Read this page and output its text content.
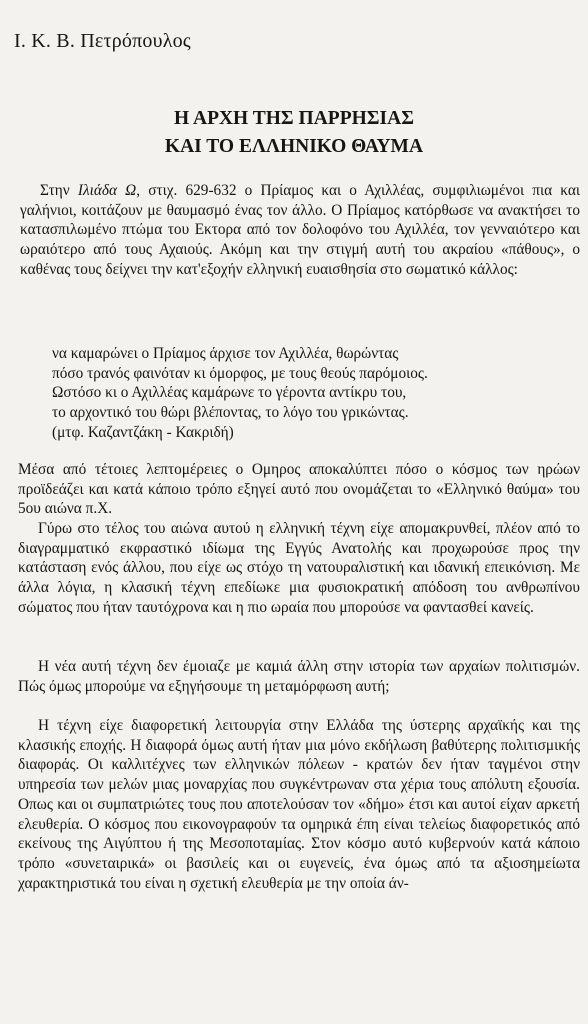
Ι. Κ. Β. Πετρόπουλος
Η ΑΡΧΗ ΤΗΣ ΠΑΡΡΗΣΙΑΣ
ΚΑΙ ΤΟ ΕΛΛΗΝΙΚΟ ΘΑΥΜΑ

Στην Ιλιάδα Ω, στιχ. 629-632 ο Πρίαμος και ο Αχιλλέας, συμφιλιωμένοι πια και γαλήνιοι, κοιτάζουν με θαυμασμό ένας τον άλλο. Ο Πρίαμος κατόρθωσε να ανακτήσει το κατασπιλωμένο πτώμα του Εκτορα από τον δολοφόνο του Αχιλλέα, τον γενναιότερο και ωραιότερο από τους Αχαιούς. Ακόμη και την στιγμή αυτή του ακραίου «πάθους», ο καθένας τους δείχνει την κατ'εξοχήν ελληνική ευαισθησία στο σωματικό κάλλος:

να καμαρώνει ο Πρίαμος άρχισε τον Αχιλλέα, θωρώντας
πόσο τρανός φαινόταν κι όμορφος, με τους θεούς παρόμοιος.
Ωστόσο κι ο Αχιλλέας καμάρωνε το γέροντα αντίκρυ του,
το αρχοντικό του θώρι βλέποντας, το λόγο του γρικώντας.
(μτφ. Καζαντζάκη - Κακριδή)

Μέσα από τέτοιες λεπτομέρειες ο Ομηρος αποκαλύπτει πόσο ο κόσμος των ηρώων προϊδεάζει και κατά κάποιο τρόπο εξηγεί αυτό που ονομάζεται το «Ελληνικό θαύμα» του 5ου αιώνα π.Χ.

Γύρω στο τέλος του αιώνα αυτού η ελληνική τέχνη είχε απομακρυνθεί, πλέον από το διαγραμματικό εκφραστικό ιδίωμα της Εγγύς Ανατολής και προχωρούσε προς την κατάσταση ενός άλλου, που είχε ως στόχο τη νατουραλιστική και ιδανική επεικόνιση. Με άλλα λόγια, η κλασική τέχνη επεδίωκε μια φυσιοκρατική απόδοση του ανθρωπίνου σώματος που ήταν ταυτόχρονα και η πιο ωραία που μπορούσε να φαντασθεί κανείς.

Η νέα αυτή τέχνη δεν έμοιαζε με καμιά άλλη στην ιστορία των αρχαίων πολιτισμών. Πώς όμως μπορούμε να εξηγήσουμε τη μεταμόρφωση αυτή;

Η τέχνη είχε διαφορετική λειτουργία στην Ελλάδα της ύστερης αρχαϊκής και της κλασικής εποχής. Η διαφορά όμως αυτή ήταν μια μόνο εκδήλωση βαθύτερης πολιτισμικής διαφοράς. Οι καλλιτέχνες των ελληνικών πόλεων - κρατών δεν ήταν ταγμένοι στην υπηρεσία των μελών μιας μοναρχίας που συγκέντρωναν στα χέρια τους απόλυτη εξουσία. Οπως και οι συμπατριώτες τους που αποτελούσαν τον «δήμο» έτσι και αυτοί είχαν αρκετή ελευθερία. Ο κόσμος που εικονογραφούν τα ομηρικά έπη είναι τελείως διαφορετικός από εκείνους της Αιγύπτου ή της Μεσοποταμίας. Στον κόσμο αυτό κυβερνούν κατά κάποιο τρόπο «συνεταιρικά» οι βασιλείς και οι ευγενείς, ένα όμως από τα αξιοσημείωτα χαρακτηριστικά του είναι η σχετική ελευθερία με την οποία άν-
